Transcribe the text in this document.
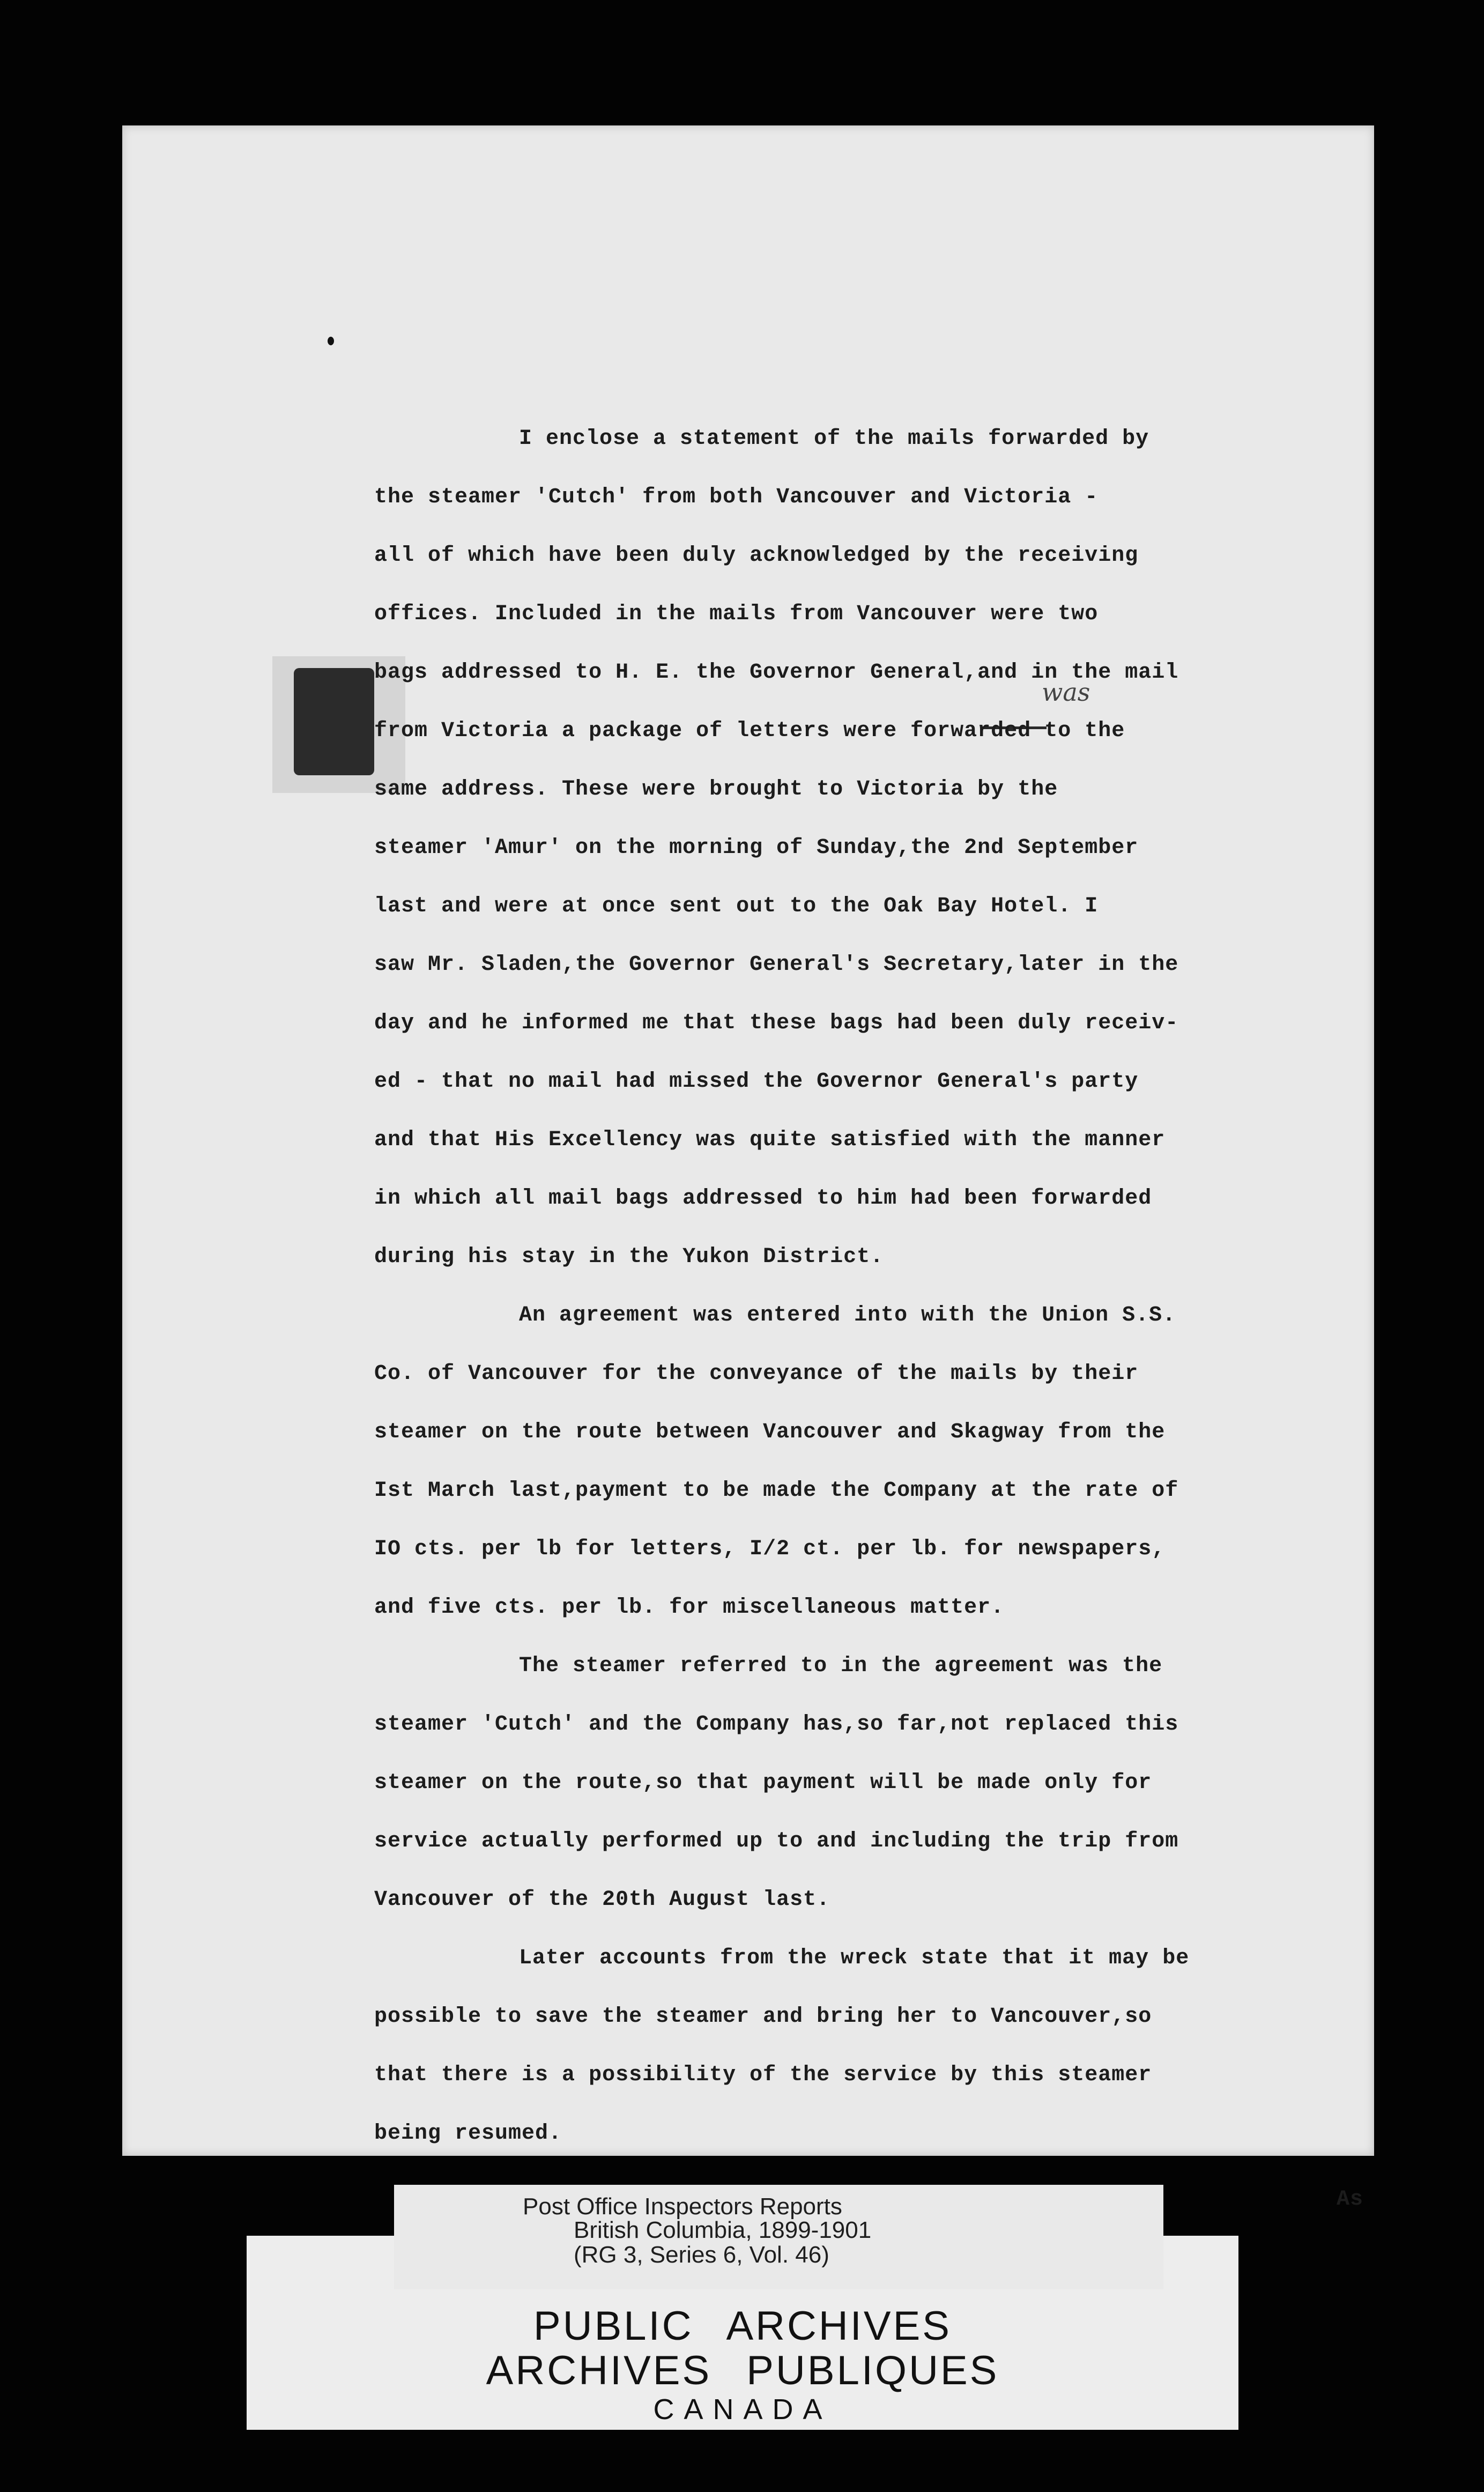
was
I enclose a statement of the mails forwarded by
the steamer 'Cutch' from both Vancouver and Victoria -
all of which have been duly acknowledged by the receiving
offices. Included in the mails from Vancouver were two
bags addressed to H. E. the Governor General,and in the mail
from Victoria a package of letters were forwarded to the
same address. These were brought to Victoria by the
steamer 'Amur' on the morning of Sunday,the 2nd September
last and were at once sent out to the Oak Bay Hotel. I
saw Mr. Sladen,the Governor General's Secretary,later in the
day and he informed me that these bags had been duly receiv-
ed - that no mail had missed the Governor General's party
and that His Excellency was quite satisfied with the manner
in which all mail bags addressed to him had been forwarded
during his stay in the Yukon District.
An agreement was entered into with the Union S.S.
Co. of Vancouver for the conveyance of the mails by their
steamer on the route between Vancouver and Skagway from the
Ist March last,payment to be made the Company at the rate of
IO cts. per lb for letters, I/2 ct. per lb. for newspapers,
and five cts. per lb. for miscellaneous matter.
The steamer referred to in the agreement was the
steamer 'Cutch' and the Company has,so far,not replaced this
steamer on the route,so that payment will be made only for
service actually performed up to and including the trip from
Vancouver of the 20th August last.
Later accounts from the wreck state that it may be
possible to save the steamer and bring her to Vancouver,so
that there is a possibility of the service by this steamer
being resumed.
As
PUBLIC ARCHIVES
ARCHIVES PUBLIQUES
CANADA
Post Office Inspectors Reports
British Columbia, 1899-1901
(RG 3, Series 6, Vol. 46)
